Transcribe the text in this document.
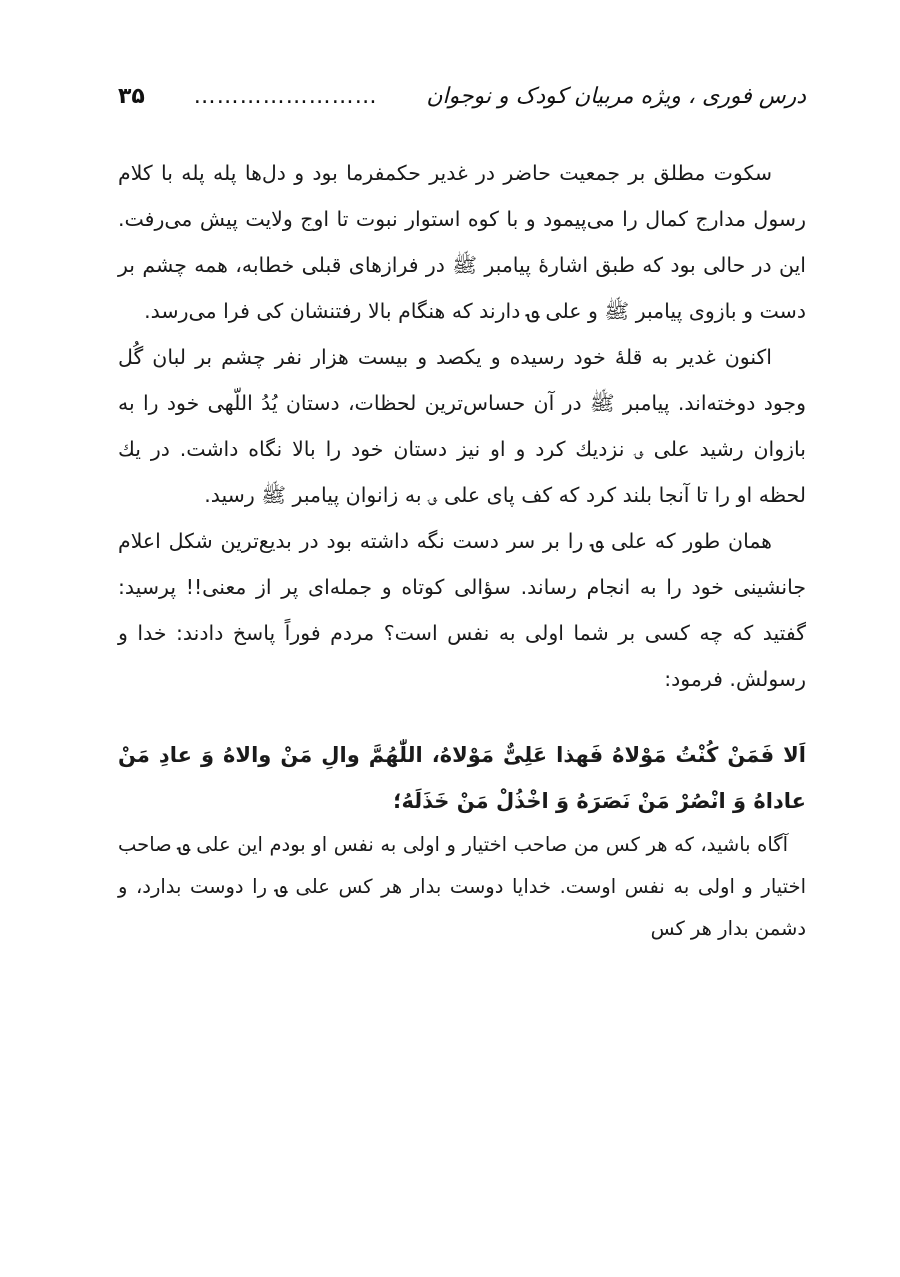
درس فوری ، ویژه مربیان کودک و نوجوان
……………………
۳۵

سکوت مطلق بر جمعیت حاضر در غدیر حکمفرما بود و دل‌ها پله پله با کلام رسول مدارج کمال را می‌پیمود و با کوه استوار نبوت تا اوج ولایت پیش می‌رفت. این در حالی بود که طبق اشارهٔ پیامبر ﷺ در فرازهای قبلی خطابه، همه چشم بر دست و بازوی پیامبر ﷺ و علی ؈ دارند که هنگام بالا رفتنشان کی فرا می‌رسد.

اکنون غدیر به قلهٔ خود رسیده و یکصد و بیست هزار نفر چشم بر لبان گُل وجود دوخته‌اند. پیامبر ﷺ در آن حساس‌ترین لحظات، دستان یُدُ اللّهی خود را به بازوان رشید علی ؈ نزدیك کرد و او نیز دستان خود را بالا نگاه داشت. در یك لحظه او را تا آنجا بلند کرد که کف پای علی ؈ به زانوان پیامبر ﷺ رسید.

همان طور که علی ؈ را بر سر دست نگه داشته بود در بدیع‌ترین شکل اعلام جانشینی خود را به انجام رساند. سؤالی کوتاه و جمله‌ای پر از معنی!! پرسید: گفتید که چه کسی بر شما اولی به نفس است؟ مردم فوراً پاسخ دادند: خدا و رسولش. فرمود:

اَلا فَمَنْ کُنْتُ مَوْلاهُ فَهذا عَلِیٌّ مَوْلاهُ، اللّٰهُمَّ والِ مَنْ والاهُ وَ عادِ مَنْ عاداهُ وَ انْصُرْ مَنْ نَصَرَهُ وَ اخْذُلْ مَنْ خَذَلَهُ؛

آگاه باشید، که هر کس من صاحب اختیار و اولی به نفس او بودم این علی ؈ صاحب اختیار و اولی به نفس اوست. خدایا دوست بدار هر کس علی ؈ را دوست بدارد، و دشمن بدار هر کس
